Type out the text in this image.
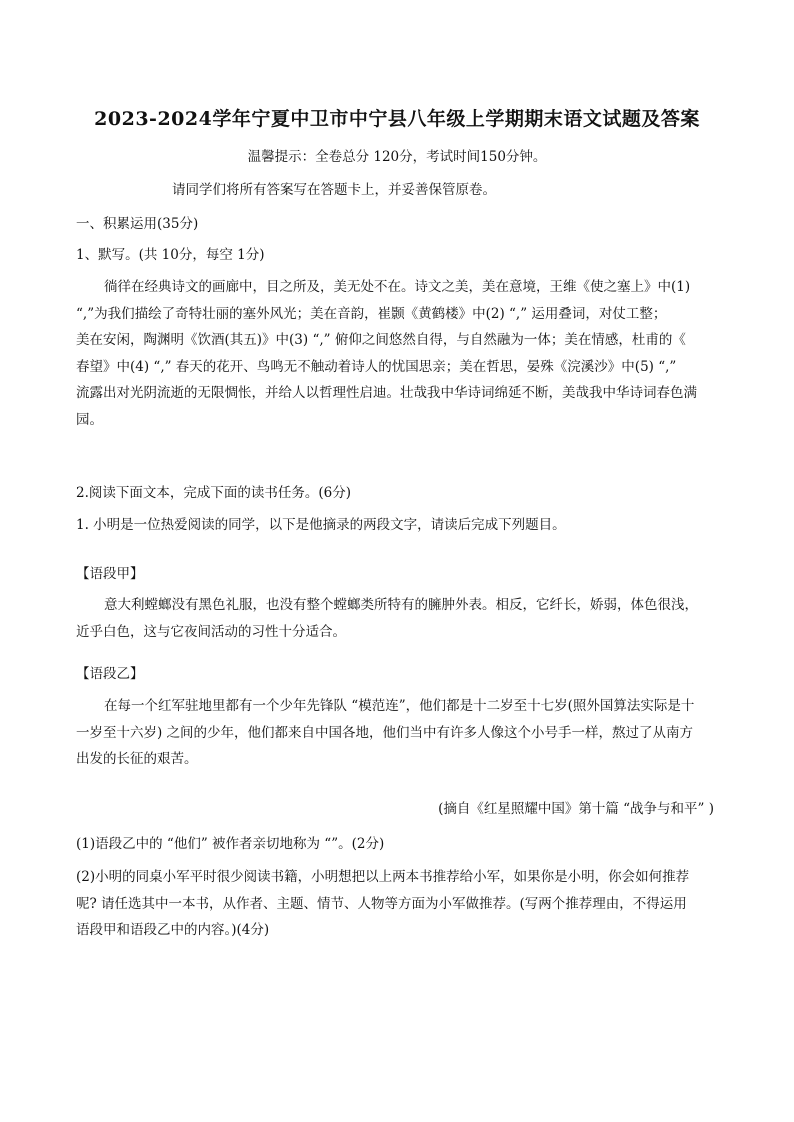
2023-2024学年宁夏中卫市中宁县八年级上学期期末语文试题及答案
温馨提示：全卷总分 120分，考试时间150分钟。
请同学们将所有答案写在答题卡上，并妥善保管原卷。
一、积累运用(35分)
1、默写。(共 10分，每空 1分)
徜徉在经典诗文的画廊中，目之所及，美无处不在。诗文之美，美在意境，王维《使之塞上》中(1)
“,”为我们描绘了奇特壮丽的塞外风光；美在音韵，崔颢《黄鹤楼》中(2) “,” 运用叠词，对仗工整；
美在安闲，陶渊明《饮酒(其五)》中(3) “,” 俯仰之间悠然自得，与自然融为一体；美在情感，杜甫的《
春望》中(4) “,” 春天的花开、鸟鸣无不触动着诗人的忧国思亲；美在哲思，晏殊《浣溪沙》中(5) “,”
流露出对光阴流逝的无限惆怅，并给人以哲理性启迪。壮哉我中华诗词绵延不断，美哉我中华诗词春色满
园。
2.阅读下面文本，完成下面的读书任务。(6分)
1. 小明是一位热爱阅读的同学，以下是他摘录的两段文字，请读后完成下列题目。
【语段甲】
意大利螳螂没有黑色礼服，也没有整个螳螂类所特有的臃肿外表。相反，它纤长，娇弱，体色很浅，
近乎白色，这与它夜间活动的习性十分适合。
【语段乙】
在每一个红军驻地里都有一个少年先锋队 “模范连”，他们都是十二岁至十七岁(照外国算法实际是十
一岁至十六岁) 之间的少年，他们都来自中国各地，他们当中有许多人像这个小号手一样，熬过了从南方
出发的长征的艰苦。
(摘自《红星照耀中国》第十篇 “战争与和平” )
(1)语段乙中的 “他们” 被作者亲切地称为 “”。(2分)
(2)小明的同桌小军平时很少阅读书籍，小明想把以上两本书推荐给小军，如果你是小明，你会如何推荐
呢? 请任选其中一本书，从作者、主题、情节、人物等方面为小军做推荐。(写两个推荐理由，不得运用
语段甲和语段乙中的内容。)(4分)
